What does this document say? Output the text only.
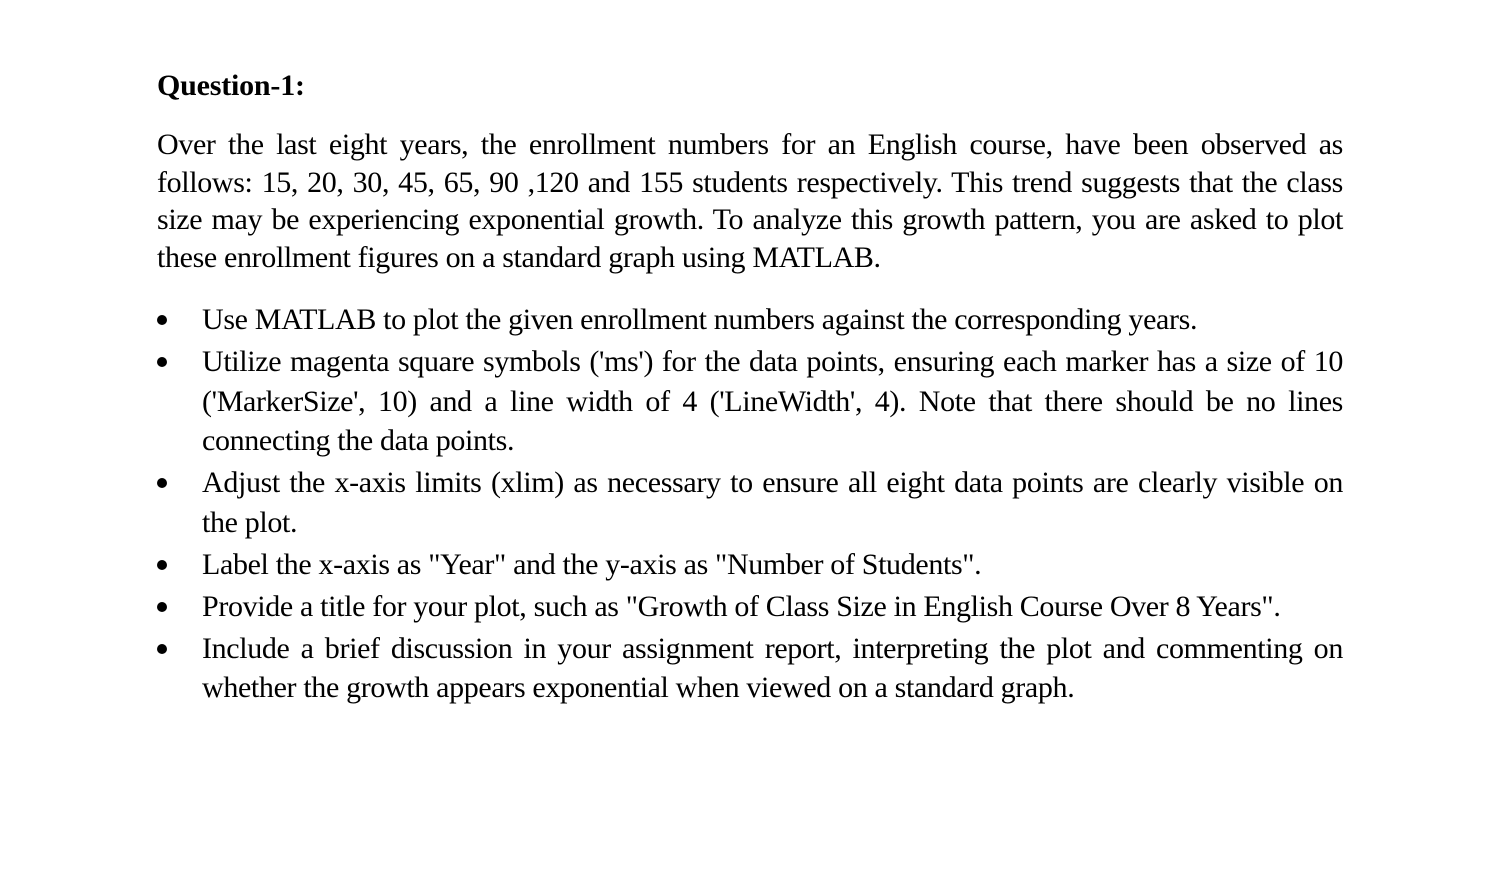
Question-1:

Over the last eight years, the enrollment numbers for an English course, have been observed as follows: 15, 20, 30, 45, 65, 90 ,120 and 155 students respectively. This trend suggests that the class size may be experiencing exponential growth. To analyze this growth pattern, you are asked to plot these enrollment figures on a standard graph using MATLAB.

Use MATLAB to plot the given enrollment numbers against the corresponding years.
Utilize magenta square symbols ('ms') for the data points, ensuring each marker has a size of 10 ('MarkerSize', 10) and a line width of 4 ('LineWidth', 4). Note that there should be no lines connecting the data points.
Adjust the x-axis limits (xlim) as necessary to ensure all eight data points are clearly visible on the plot.
Label the x-axis as "Year" and the y-axis as "Number of Students".
Provide a title for your plot, such as "Growth of Class Size in English Course Over 8 Years".
Include a brief discussion in your assignment report, interpreting the plot and commenting on whether the growth appears exponential when viewed on a standard graph.
